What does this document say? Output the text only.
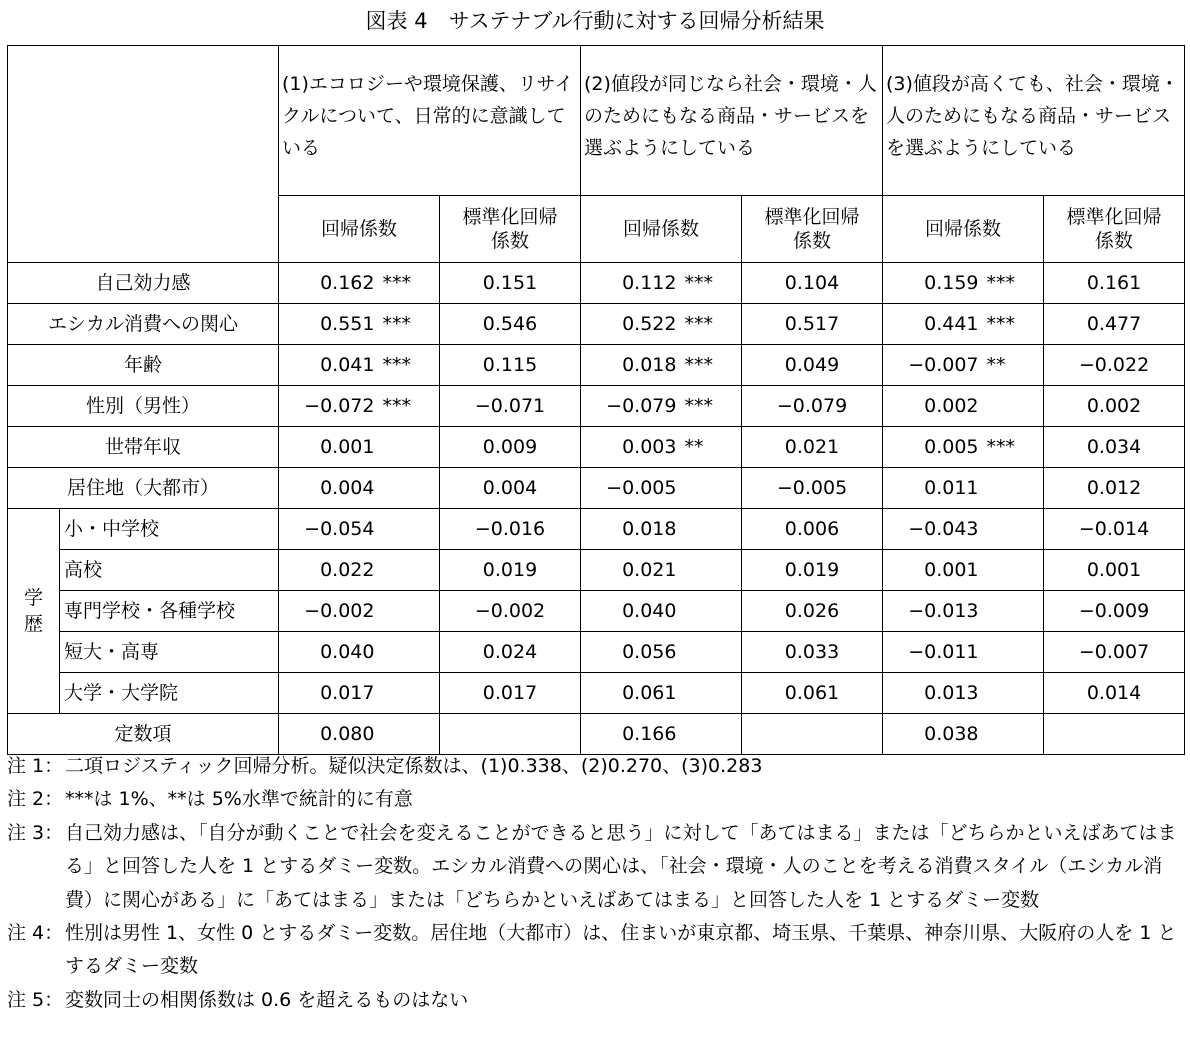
図表 4　サステナブル行動に対する回帰分析結果
		(1)エコロジーや環境保護、リサイクルについて、日常的に意識している		(2)値段が同じなら社会・環境・人のためにもなる商品・サービスを選ぶようにしている		(3)値段が高くても、社会・環境・人のためにもなる商品・サービスを選ぶようにしている	
		回帰係数	標準化回帰係数	回帰係数	標準化回帰係数	回帰係数	標準化回帰係数
自己効力感		0.162 ***	0.151	0.112 ***	0.104	0.159 ***	0.161
エシカル消費への関心		0.551 ***	0.546	0.522 ***	0.517	0.441 ***	0.477
年齢		0.041 ***	0.115	0.018 ***	0.049	−0.007 **	−0.022
性別（男性）		−0.072 ***	−0.071	−0.079 ***	−0.079	0.002	0.002
世帯年収		0.001	0.009	0.003 **	0.021	0.005 ***	0.034
居住地（大都市）		0.004	0.004	−0.005	−0.005	0.011	0.012
学歴	小・中学校	−0.054	−0.016	0.018	0.006	−0.043	−0.014
	高校	0.022	0.019	0.021	0.019	0.001	0.001
	専門学校・各種学校	−0.002	−0.002	0.040	0.026	−0.013	−0.009
	短大・高専	0.040	0.024	0.056	0.033	−0.011	−0.007
	大学・大学院	0.017	0.017	0.061	0.061	0.013	0.014
定数項		0.080		0.166		0.038	
注 1： 二項ロジスティック回帰分析。疑似決定係数は、(1)0.338、(2)0.270、(3)0.283
注 2： ***は 1%、**は 5%水準で統計的に有意
注 3： 自己効力感は、「自分が動くことで社会を変えることができると思う」に対して「あてはまる」または「どちらかといえばあてはまる」と回答した人を 1 とするダミー変数。エシカル消費への関心は、「社会・環境・人のことを考える消費スタイル（エシカル消費）に関心がある」に「あてはまる」または「どちらかといえばあてはまる」と回答した人を 1 とするダミー変数
注 4： 性別は男性 1、女性 0 とするダミー変数。居住地（大都市）は、住まいが東京都、埼玉県、千葉県、神奈川県、大阪府の人を 1 とするダミー変数
注 5： 変数同士の相関係数は 0.6 を超えるものはない
